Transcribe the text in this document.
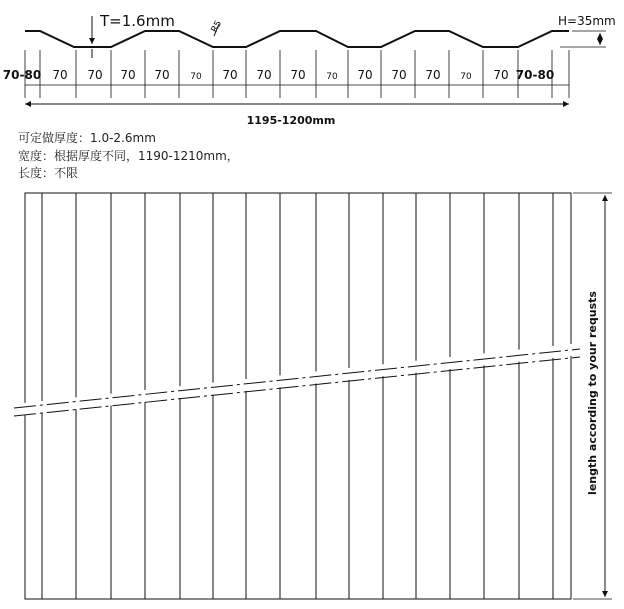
T=1.6mm	R5	H=35mm
70-80 70 70 70 70 70 70 70 70 70 70 70 70 70 70 70-80
1195-1200mm
length according to your requsts
可定做厚度：1.0-2.6mm
宽度：根据厚度不同，1190-1210mm，
长度：不限
